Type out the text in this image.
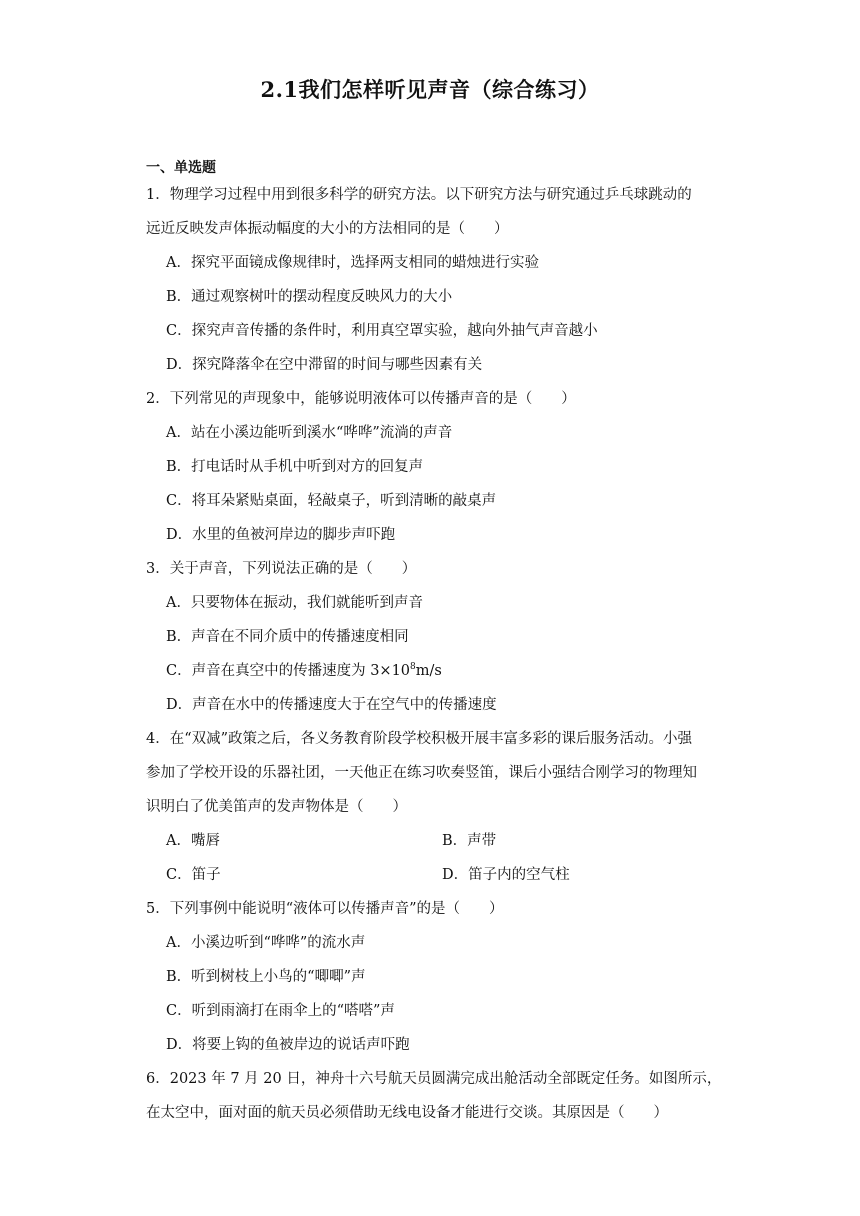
2.1我们怎样听见声音（综合练习）
一、单选题
1．物理学习过程中用到很多科学的研究方法。以下研究方法与研究通过乒乓球跳动的
远近反映发声体振动幅度的大小的方法相同的是（　　）
A．探究平面镜成像规律时，选择两支相同的蜡烛进行实验
B．通过观察树叶的摆动程度反映风力的大小
C．探究声音传播的条件时，利用真空罩实验，越向外抽气声音越小
D．探究降落伞在空中滞留的时间与哪些因素有关
2．下列常见的声现象中，能够说明液体可以传播声音的是（　　）
A．站在小溪边能听到溪水“哗哗”流淌的声音
B．打电话时从手机中听到对方的回复声
C．将耳朵紧贴桌面，轻敲桌子，听到清晰的敲桌声
D．水里的鱼被河岸边的脚步声吓跑
3．关于声音，下列说法正确的是（　　）
A．只要物体在振动，我们就能听到声音
B．声音在不同介质中的传播速度相同
C．声音在真空中的传播速度为 $3\times 10^8m/s$
D．声音在水中的传播速度大于在空气中的传播速度
4．在“双减”政策之后，各义务教育阶段学校积极开展丰富多彩的课后服务活动。小强
参加了学校开设的乐器社团，一天他正在练习吹奏竖笛，课后小强结合刚学习的物理知
识明白了优美笛声的发声物体是（　　）
A．嘴唇	B．声带
C．笛子	D．笛子内的空气柱
5．下列事例中能说明“液体可以传播声音”的是（　　）
A．小溪边听到“哗哗”的流水声
B．听到树枝上小鸟的“唧唧”声
C．听到雨滴打在雨伞上的“嗒嗒”声
D．将要上钩的鱼被岸边的说话声吓跑
6．2023 年 7 月 20 日，神舟十六号航天员圆满完成出舱活动全部既定任务。如图所示，
在太空中，面对面的航天员必须借助无线电设备才能进行交谈。其原因是（　　）
